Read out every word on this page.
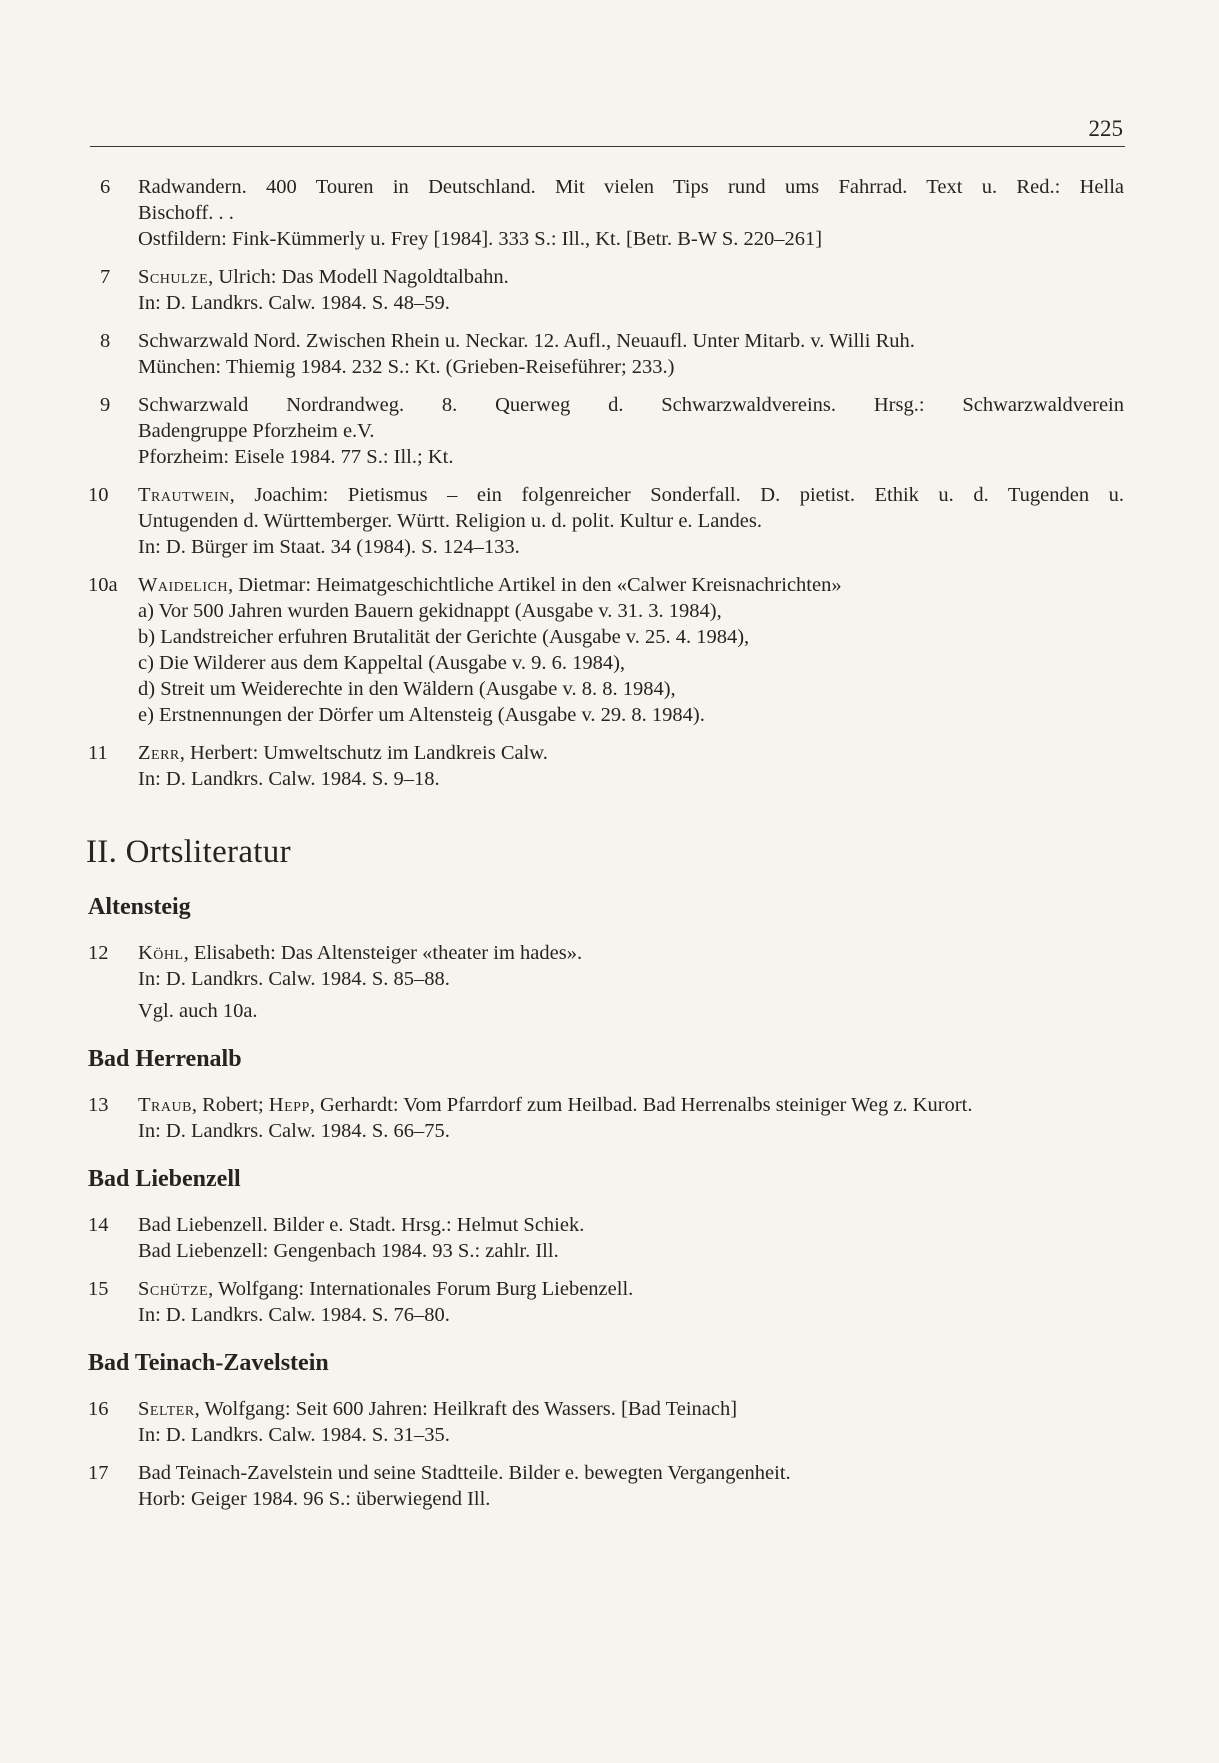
225
6	Radwandern. 400 Touren in Deutschland. Mit vielen Tips rund ums Fahrrad. Text u. Red.: Hella
Bischoff. . .
Ostfildern: Fink-Kümmerly u. Frey [1984]. 333 S.: Ill., Kt. [Betr. B-W S. 220–261]
7	Schulze, Ulrich: Das Modell Nagoldtalbahn.
In: D. Landkrs. Calw. 1984. S. 48–59.
8	Schwarzwald Nord. Zwischen Rhein u. Neckar. 12. Aufl., Neuaufl. Unter Mitarb. v. Willi Ruh.
München: Thiemig 1984. 232 S.: Kt. (Grieben-Reiseführer; 233.)
9	Schwarzwald Nordrandweg. 8. Querweg d. Schwarzwaldvereins. Hrsg.: Schwarzwaldverein
Badengruppe Pforzheim e.V.
Pforzheim: Eisele 1984. 77 S.: Ill.; Kt.
10	Trautwein, Joachim: Pietismus – ein folgenreicher Sonderfall. D. pietist. Ethik u. d. Tugenden u.
Untugenden d. Württemberger. Württ. Religion u. d. polit. Kultur e. Landes.
In: D. Bürger im Staat. 34 (1984). S. 124–133.
10a Waidelich, Dietmar: Heimatgeschichtliche Artikel in den «Calwer Kreisnachrichten»
a) Vor 500 Jahren wurden Bauern gekidnappt (Ausgabe v. 31. 3. 1984),
b) Landstreicher erfuhren Brutalität der Gerichte (Ausgabe v. 25. 4. 1984),
c) Die Wilderer aus dem Kappeltal (Ausgabe v. 9. 6. 1984),
d) Streit um Weiderechte in den Wäldern (Ausgabe v. 8. 8. 1984),
e) Erstnennungen der Dörfer um Altensteig (Ausgabe v. 29. 8. 1984).
11	Zerr, Herbert: Umweltschutz im Landkreis Calw.
In: D. Landkrs. Calw. 1984. S. 9–18.
II. Ortsliteratur
Altensteig
12	Köhl, Elisabeth: Das Altensteiger «theater im hades».
In: D. Landkrs. Calw. 1984. S. 85–88.
Vgl. auch 10a.
Bad Herrenalb
13	Traub, Robert; Hepp, Gerhardt: Vom Pfarrdorf zum Heilbad. Bad Herrenalbs steiniger Weg z. Kurort.
In: D. Landkrs. Calw. 1984. S. 66–75.
Bad Liebenzell
14	Bad Liebenzell. Bilder e. Stadt. Hrsg.: Helmut Schiek.
Bad Liebenzell: Gengenbach 1984. 93 S.: zahlr. Ill.
15	Schütze, Wolfgang: Internationales Forum Burg Liebenzell.
In: D. Landkrs. Calw. 1984. S. 76–80.
Bad Teinach-Zavelstein
16	Selter, Wolfgang: Seit 600 Jahren: Heilkraft des Wassers. [Bad Teinach]
In: D. Landkrs. Calw. 1984. S. 31–35.
17	Bad Teinach-Zavelstein und seine Stadtteile. Bilder e. bewegten Vergangenheit.
Horb: Geiger 1984. 96 S.: überwiegend Ill.
